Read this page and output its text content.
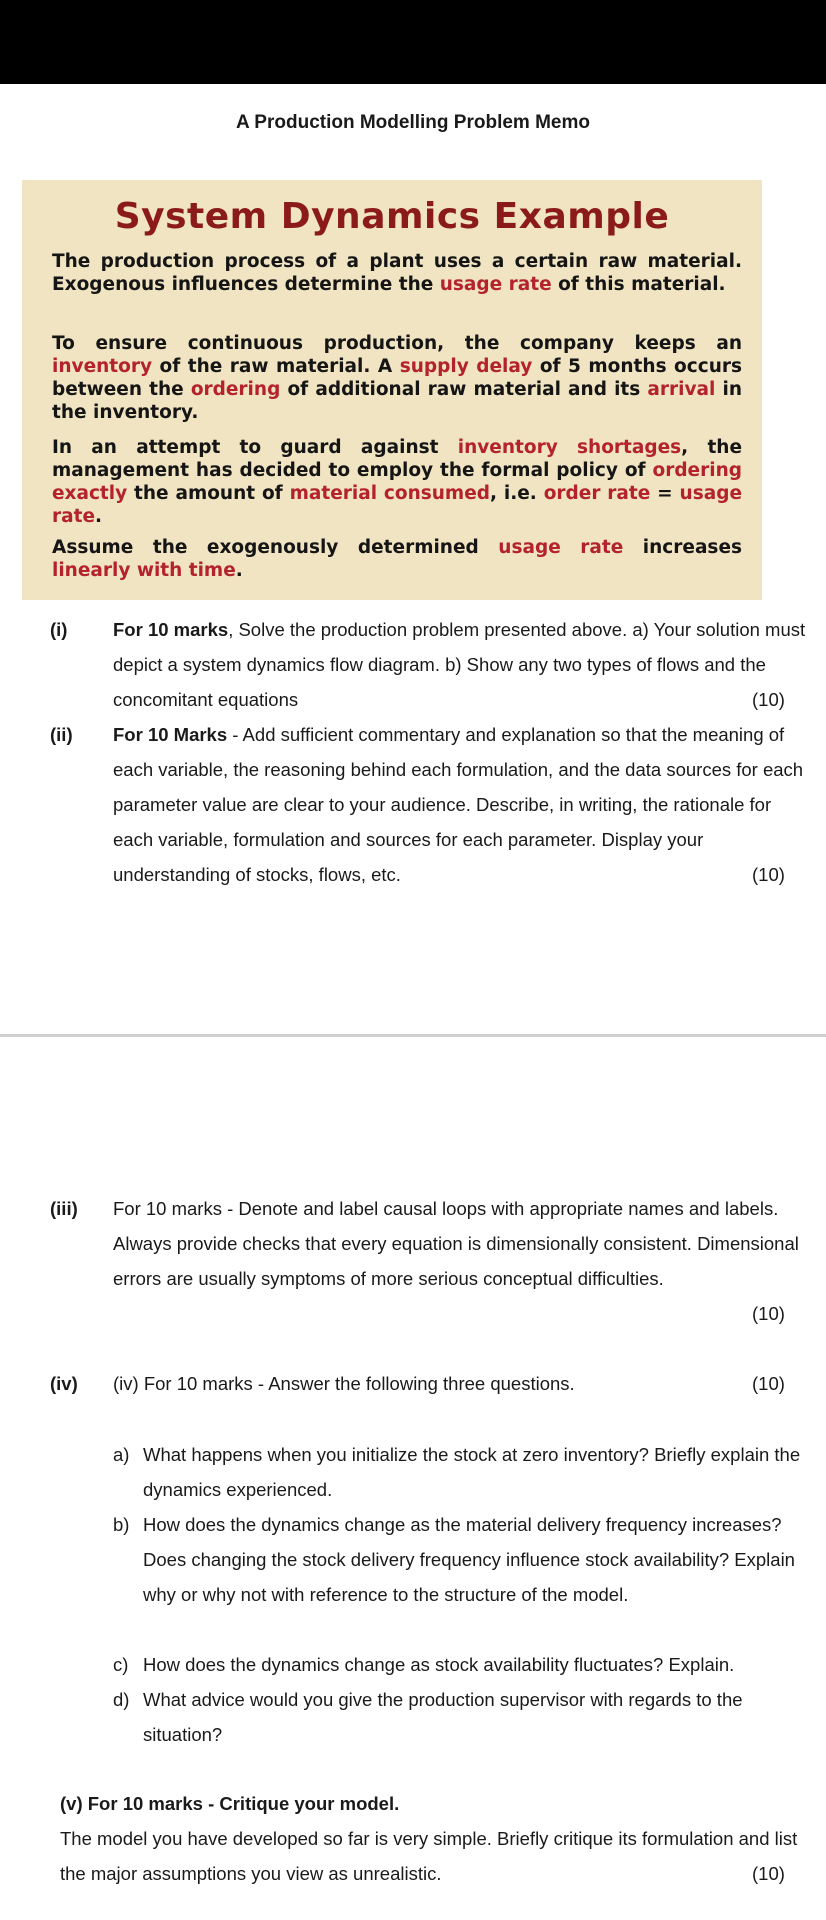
A Production Modelling Problem Memo
System Dynamics Example
The production process of a plant uses a certain raw material. Exogenous influences determine the usage rate of this material.
To ensure continuous production, the company keeps an inventory of the raw material. A supply delay of 5 months occurs between the ordering of additional raw material and its arrival in the inventory.
In an attempt to guard against inventory shortages, the management has decided to employ the formal policy of ordering exactly the amount of material consumed, i.e. order rate = usage rate.
Assume the exogenously determined usage rate increases linearly with time.
(i) For 10 marks, Solve the production problem presented above. a) Your solution must depict a system dynamics flow diagram. b) Show any two types of flows and the concomitant equations	(10)
(ii) For 10 Marks - Add sufficient commentary and explanation so that the meaning of each variable, the reasoning behind each formulation, and the data sources for each parameter value are clear to your audience. Describe, in writing, the rationale for each variable, formulation and sources for each parameter. Display your understanding of stocks, flows, etc.	(10)
(iii) For 10 marks - Denote and label causal loops with appropriate names and labels. Always provide checks that every equation is dimensionally consistent. Dimensional errors are usually symptoms of more serious conceptual difficulties.
(10)
(iv) (iv) For 10 marks - Answer the following three questions.	(10)
a) What happens when you initialize the stock at zero inventory? Briefly explain the dynamics experienced.
b) How does the dynamics change as the material delivery frequency increases? Does changing the stock delivery frequency influence stock availability? Explain why or why not with reference to the structure of the model.
c) How does the dynamics change as stock availability fluctuates? Explain.
d) What advice would you give the production supervisor with regards to the situation?
(v) For 10 marks - Critique your model.
The model you have developed so far is very simple. Briefly critique its formulation and list the major assumptions you view as unrealistic.	(10)
